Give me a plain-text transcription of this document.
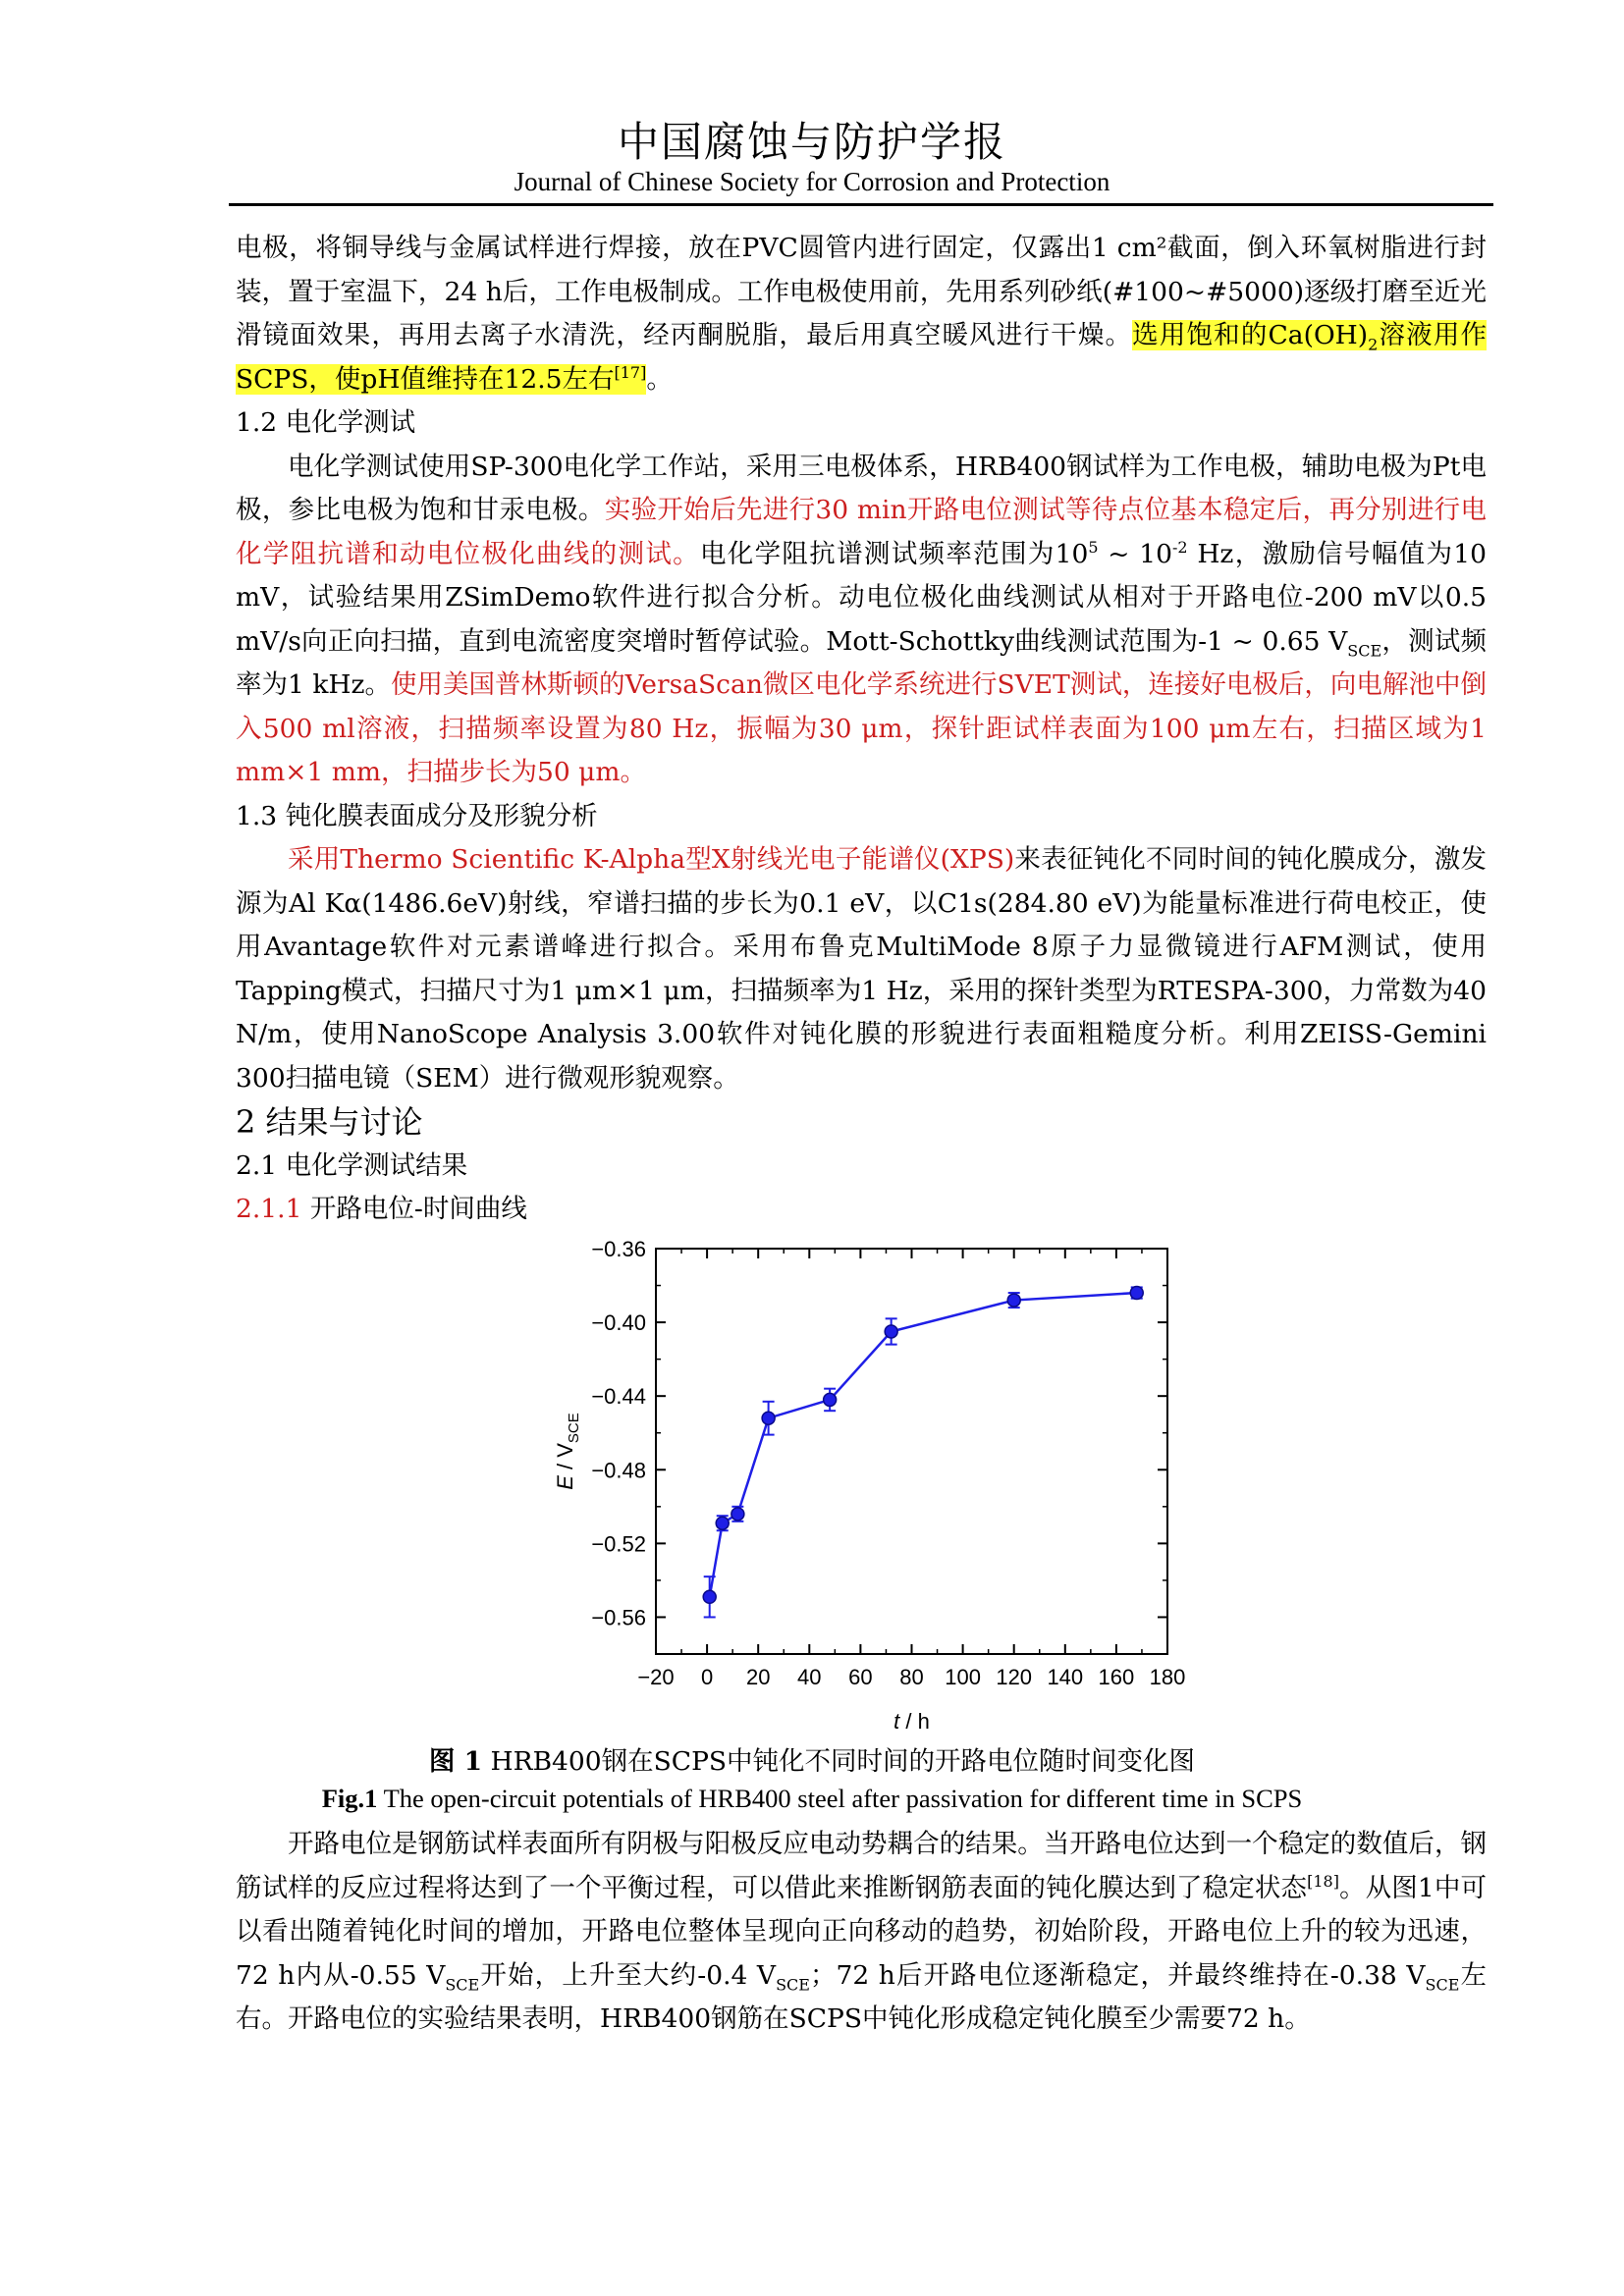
中国腐蚀与防护学报
Journal of Chinese Society for Corrosion and Protection

电极，将铜导线与金属试样进行焊接，放在PVC圆管内进行固定，仅露出1 cm²截面，倒入环氧树脂进行封装，置于室温下，24 h后，工作电极制成。工作电极使用前，先用系列砂纸(#100~#5000)逐级打磨至近光滑镜面效果，再用去离子水清洗，经丙酮脱脂，最后用真空暖风进行干燥。选用饱和的$Ca(OH)_2$溶液用作SCPS，使pH值维持在12.5左右[17]。

1.2 电化学测试

电化学测试使用SP-300电化学工作站，采用三电极体系，HRB400钢试样为工作电极，辅助电极为Pt电极，参比电极为饱和甘汞电极。实验开始后先进行30 min开路电位测试等待点位基本稳定后，再分别进行电化学阻抗谱和动电位极化曲线的测试。电化学阻抗谱测试频率范围为$10^5$ ~ $10^{-2}$ Hz，激励信号幅值为10 mV，试验结果用ZSimDemo软件进行拟合分析。动电位极化曲线测试从相对于开路电位-200 mV以0.5 mV/s向正向扫描，直到电流密度突增时暂停试验。Mott-Schottky曲线测试范围为-1 ~ 0.65 $V_{SCE}$，测试频率为1 kHz。使用美国普林斯顿的VersaScan微区电化学系统进行SVET测试，连接好电极后，向电解池中倒入500 ml溶液，扫描频率设置为80 Hz，振幅为30 μm，探针距试样表面为100 μm左右，扫描区域为1 mm×1 mm，扫描步长为50 μm。

1.3 钝化膜表面成分及形貌分析

采用Thermo Scientific K-Alpha型X射线光电子能谱仪(XPS)来表征钝化不同时间的钝化膜成分，激发源为Al Kα(1486.6eV)射线，窄谱扫描的步长为0.1 eV，以C1s(284.80 eV)为能量标准进行荷电校正，使用Avantage软件对元素谱峰进行拟合。采用布鲁克MultiMode 8原子力显微镜进行AFM测试，使用Tapping模式，扫描尺寸为1 μm×1 μm，扫描频率为1 Hz，采用的探针类型为RTESPA-300，力常数为40 N/m，使用NanoScope Analysis 3.00软件对钝化膜的形貌进行表面粗糙度分析。利用ZEISS-Gemini 300扫描电镜（SEM）进行微观形貌观察。

2 结果与讨论

2.1 电化学测试结果

2.1.1 开路电位-时间曲线

−20 0 20 40 60 80 100 120 140 160 180
−0.56
−0.52
−0.48
−0.44
−0.40
−0.36
t / h
E / $V_{SCE}$
图 1 HRB400钢在SCPS中钝化不同时间的开路电位随时间变化图
Fig.1 The open-circuit potentials of HRB400 steel after passivation for different time in SCPS

开路电位是钢筋试样表面所有阴极与阳极反应电动势耦合的结果。当开路电位达到一个稳定的数值后，钢筋试样的反应过程将达到了一个平衡过程，可以借此来推断钢筋表面的钝化膜达到了稳定状态[18]。从图1中可以看出随着钝化时间的增加，开路电位整体呈现向正向移动的趋势，初始阶段，开路电位上升的较为迅速，72 h内从-0.55 $V_{SCE}$开始，上升至大约-0.4 $V_{SCE}$；72 h后开路电位逐渐稳定，并最终维持在-0.38 $V_{SCE}$左右。开路电位的实验结果表明，HRB400钢筋在SCPS中钝化形成稳定钝化膜至少需要72 h。
